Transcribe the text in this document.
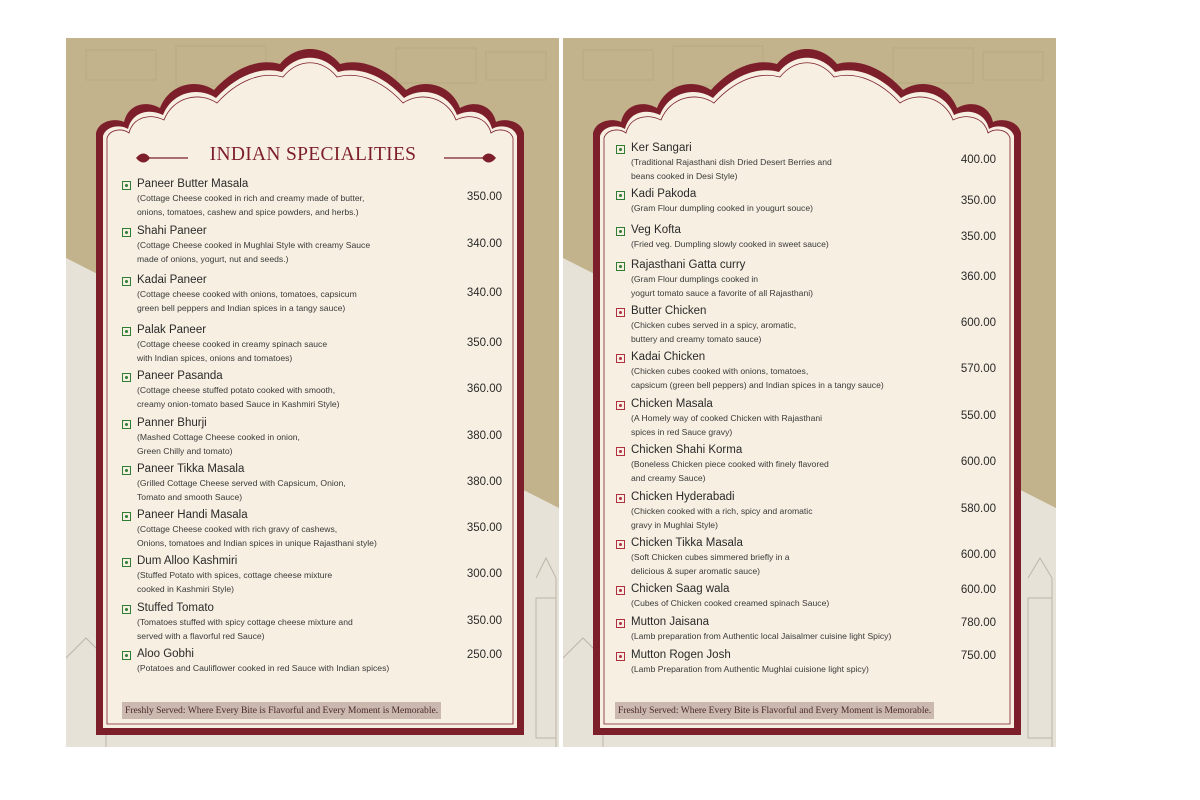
INDIAN SPECIALITIES
Paneer Butter Masala
(Cottage Cheese cooked in rich and creamy made of butter,
onions, tomatoes, cashew and spice powders, and herbs.)
350.00
Shahi Paneer
(Cottage Cheese cooked in Mughlai Style with creamy Sauce
made of onions, yogurt, nut and seeds.)
340.00
Kadai Paneer
(Cottage cheese cooked with onions, tomatoes, capsicum
green bell peppers and Indian spices in a tangy sauce)
340.00
Palak Paneer
(Cottage cheese cooked in creamy spinach sauce
with Indian spices, onions and tomatoes)
350.00
Paneer Pasanda
(Cottage cheese stuffed potato cooked with smooth,
creamy onion-tomato based Sauce in Kashmiri Style)
360.00
Panner Bhurji
(Mashed Cottage Cheese cooked in onion,
Green Chilly and tomato)
380.00
Paneer Tikka Masala
(Grilled Cottage Cheese served with Capsicum, Onion,
Tomato and smooth Sauce)
380.00
Paneer Handi Masala
(Cottage Cheese cooked with rich gravy of cashews,
Onions, tomatoes and Indian spices in unique Rajasthani style)
350.00
Dum Alloo Kashmiri
(Stuffed Potato with spices, cottage cheese mixture
cooked in Kashmiri Style)
300.00
Stuffed Tomato
(Tomatoes stuffed with spicy cottage cheese mixture and
served with a flavorful red Sauce)
350.00
Aloo Gobhi
(Potatoes and Cauliflower cooked in red Sauce with Indian spices)
250.00
Freshly Served: Where Every Bite is Flavorful and Every Moment is Memorable.
Ker Sangari
(Traditional Rajasthani dish Dried Desert Berries and
beans cooked in Desi Style)
400.00
Kadi Pakoda
(Gram Flour dumpling cooked in yougurt souce)
350.00
Veg Kofta
(Fried veg. Dumpling slowly cooked in sweet sauce)
350.00
Rajasthani Gatta curry
(Gram Flour dumplings cooked in
yogurt tomato sauce a favorite of all Rajasthani)
360.00
Butter Chicken
(Chicken cubes served in a spicy, aromatic,
buttery and creamy tomato sauce)
600.00
Kadai Chicken
(Chicken cubes cooked with onions, tomatoes,
capsicum (green bell peppers) and Indian spices in a tangy sauce)
570.00
Chicken Masala
(A Homely way of cooked Chicken with Rajasthani
spices in red Sauce gravy)
550.00
Chicken Shahi Korma
(Boneless Chicken piece cooked with finely flavored
and creamy Sauce)
600.00
Chicken Hyderabadi
(Chicken cooked with a rich, spicy and aromatic
gravy in Mughlai Style)
580.00
Chicken Tikka Masala
(Soft Chicken cubes simmered briefly in a
delicious & super aromatic sauce)
600.00
Chicken Saag wala
(Cubes of Chicken cooked creamed spinach Sauce)
600.00
Mutton Jaisana
(Lamb preparation from Authentic local Jaisalmer cuisine light Spicy)
780.00
Mutton Rogen Josh
(Lamb Preparation from Authentic Mughlai cuisione light spicy)
750.00
Freshly Served: Where Every Bite is Flavorful and Every Moment is Memorable.
